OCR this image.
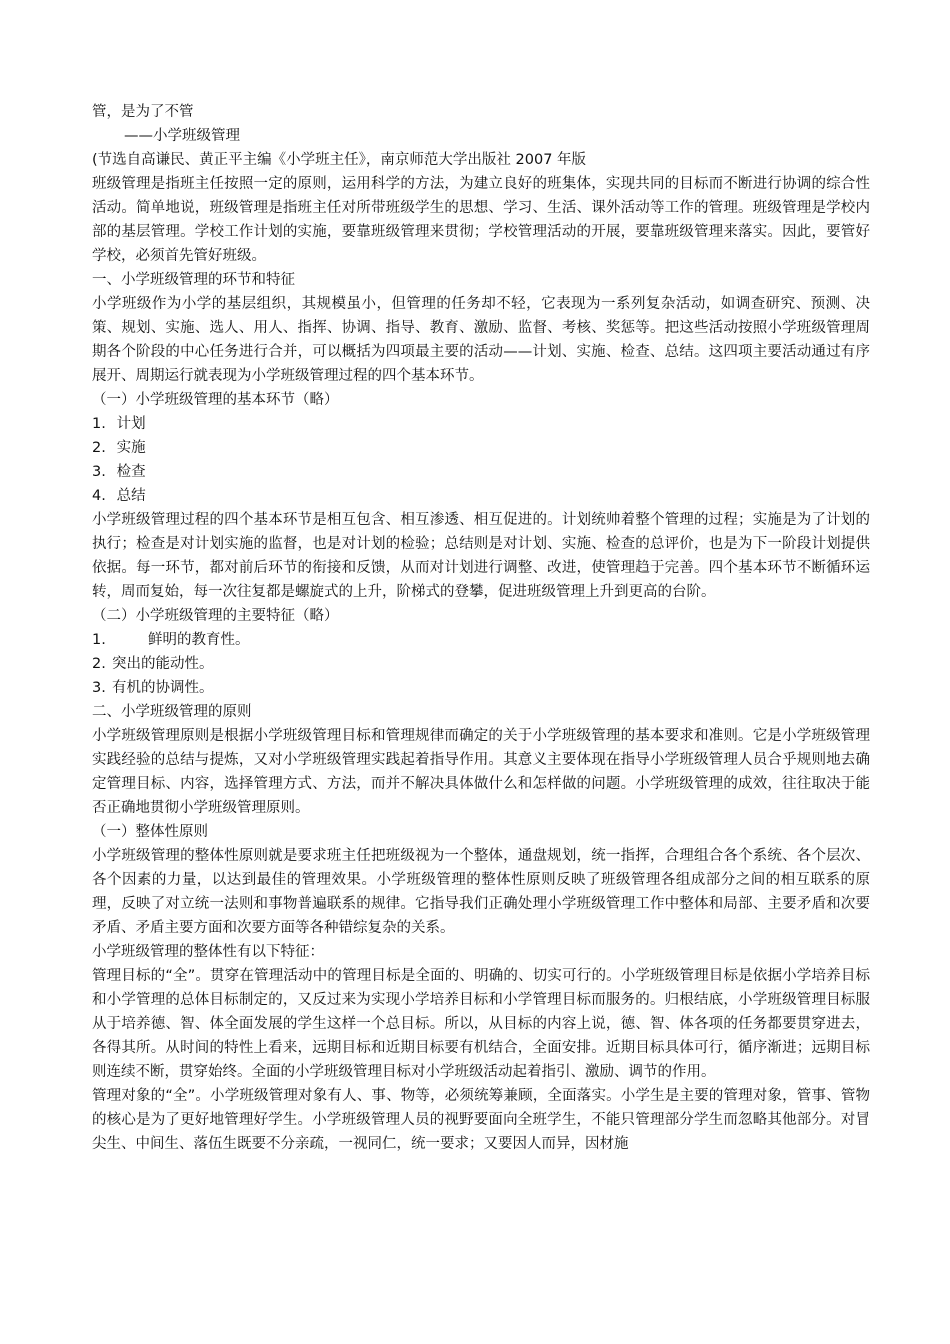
管，是为了不管

——小学班级管理

(节选自高谦民、黄正平主编《小学班主任》，南京师范大学出版社 2007 年版

班级管理是指班主任按照一定的原则，运用科学的方法，为建立良好的班集体，实现共同的目标而不断进行协调的综合性活动。简单地说，班级管理是指班主任对所带班级学生的思想、学习、生活、课外活动等工作的管理。班级管理是学校内部的基层管理。学校工作计划的实施，要靠班级管理来贯彻；学校管理活动的开展，要靠班级管理来落实。因此，要管好学校，必须首先管好班级。

一、小学班级管理的环节和特征

小学班级作为小学的基层组织，其规模虽小，但管理的任务却不轻，它表现为一系列复杂活动，如调查研究、预测、决策、规划、实施、选人、用人、指挥、协调、指导、教育、激励、监督、考核、奖惩等。把这些活动按照小学班级管理周期各个阶段的中心任务进行合并，可以概括为四项最主要的活动——计划、实施、检查、总结。这四项主要活动通过有序展开、周期运行就表现为小学班级管理过程的四个基本环节。

（一）小学班级管理的基本环节（略）

1. 计划

2. 实施

3. 检查

4. 总结

小学班级管理过程的四个基本环节是相互包含、相互渗透、相互促进的。计划统帅着整个管理的过程；实施是为了计划的执行；检查是对计划实施的监督，也是对计划的检验；总结则是对计划、实施、检查的总评价，也是为下一阶段计划提供依据。每一环节，都对前后环节的衔接和反馈，从而对计划进行调整、改进，使管理趋于完善。四个基本环节不断循环运转，周而复始，每一次往复都是螺旋式的上升，阶梯式的登攀，促进班级管理上升到更高的台阶。

（二）小学班级管理的主要特征（略）

1.	鲜明的教育性。

2. 突出的能动性。

3. 有机的协调性。

二、小学班级管理的原则

小学班级管理原则是根据小学班级管理目标和管理规律而确定的关于小学班级管理的基本要求和准则。它是小学班级管理实践经验的总结与提炼，又对小学班级管理实践起着指导作用。其意义主要体现在指导小学班级管理人员合乎规则地去确定管理目标、内容，选择管理方式、方法，而并不解决具体做什么和怎样做的问题。小学班级管理的成效，往往取决于能否正确地贯彻小学班级管理原则。

（一）整体性原则

小学班级管理的整体性原则就是要求班主任把班级视为一个整体，通盘规划，统一指挥，合理组合各个系统、各个层次、各个因素的力量，以达到最佳的管理效果。小学班级管理的整体性原则反映了班级管理各组成部分之间的相互联系的原理，反映了对立统一法则和事物普遍联系的规律。它指导我们正确处理小学班级管理工作中整体和局部、主要矛盾和次要矛盾、矛盾主要方面和次要方面等各种错综复杂的关系。

小学班级管理的整体性有以下特征：

管理目标的“全”。贯穿在管理活动中的管理目标是全面的、明确的、切实可行的。小学班级管理目标是依据小学培养目标和小学管理的总体目标制定的，又反过来为实现小学培养目标和小学管理目标而服务的。归根结底，小学班级管理目标服从于培养德、智、体全面发展的学生这样一个总目标。所以，从目标的内容上说，德、智、体各项的任务都要贯穿进去，各得其所。从时间的特性上看来，远期目标和近期目标要有机结合，全面安排。近期目标具体可行，循序渐进；远期目标则连续不断，贯穿始终。全面的小学班级管理目标对小学班级活动起着指引、激励、调节的作用。

管理对象的“全”。小学班级管理对象有人、事、物等，必须统筹兼顾，全面落实。小学生是主要的管理对象，管事、管物的核心是为了更好地管理好学生。小学班级管理人员的视野要面向全班学生，不能只管理部分学生而忽略其他部分。对冒尖生、中间生、落伍生既要不分亲疏，一视同仁，统一要求；又要因人而异，因材施
